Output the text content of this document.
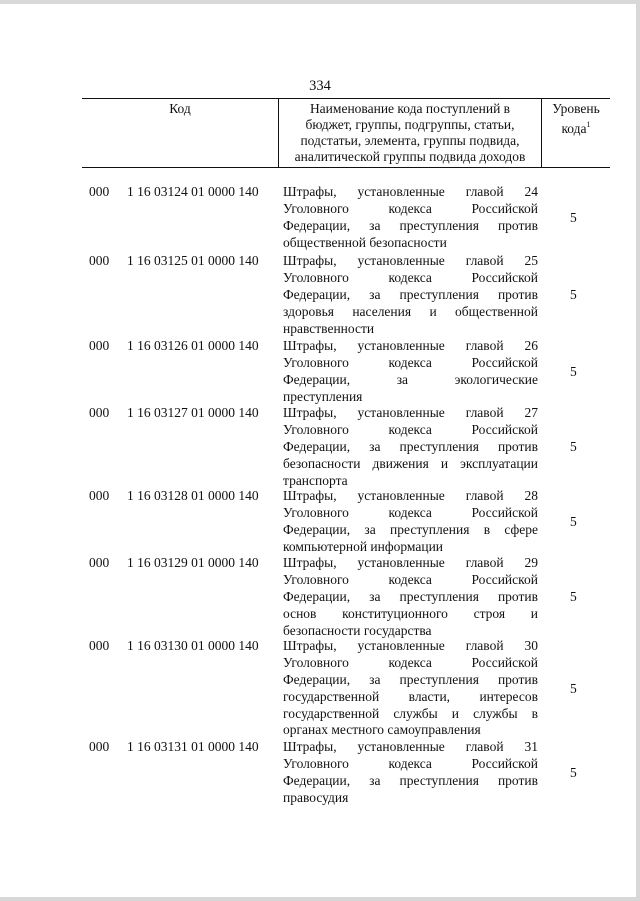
334
Код	Наименование кода поступлений в
бюджет, группы, подгруппы, статьи,
подстатьи, элемента, группы подвида,
аналитической группы подвида доходов
Уровень
кода$^1$
000 1 16 03124 01 0000 140 Штрафы, установленные главой 24
Уголовного кодекса Российской
Федерации, за преступления против
общественной безопасности
5
000 1 16 03125 01 0000 140 Штрафы, установленные главой 25
Уголовного кодекса Российской
Федерации, за преступления против
здоровья населения и общественной
нравственности
5
000 1 16 03126 01 0000 140 Штрафы, установленные главой 26
Уголовного кодекса Российской
Федерации, за экологические
преступления
5
000 1 16 03127 01 0000 140 Штрафы, установленные главой 27
Уголовного кодекса Российской
Федерации, за преступления против
безопасности движения и эксплуатации
транспорта
5
000 1 16 03128 01 0000 140 Штрафы, установленные главой 28
Уголовного кодекса Российской
Федерации, за преступления в сфере
компьютерной информации
5
000 1 16 03129 01 0000 140 Штрафы, установленные главой 29
Уголовного кодекса Российской
Федерации, за преступления против
основ конституционного строя и
безопасности государства
5
000 1 16 03130 01 0000 140 Штрафы, установленные главой 30
Уголовного кодекса Российской
Федерации, за преступления против
государственной власти, интересов
государственной службы и службы в
органах местного самоуправления
5
000 1 16 03131 01 0000 140 Штрафы, установленные главой 31
Уголовного кодекса Российской
Федерации, за преступления против
правосудия
5
